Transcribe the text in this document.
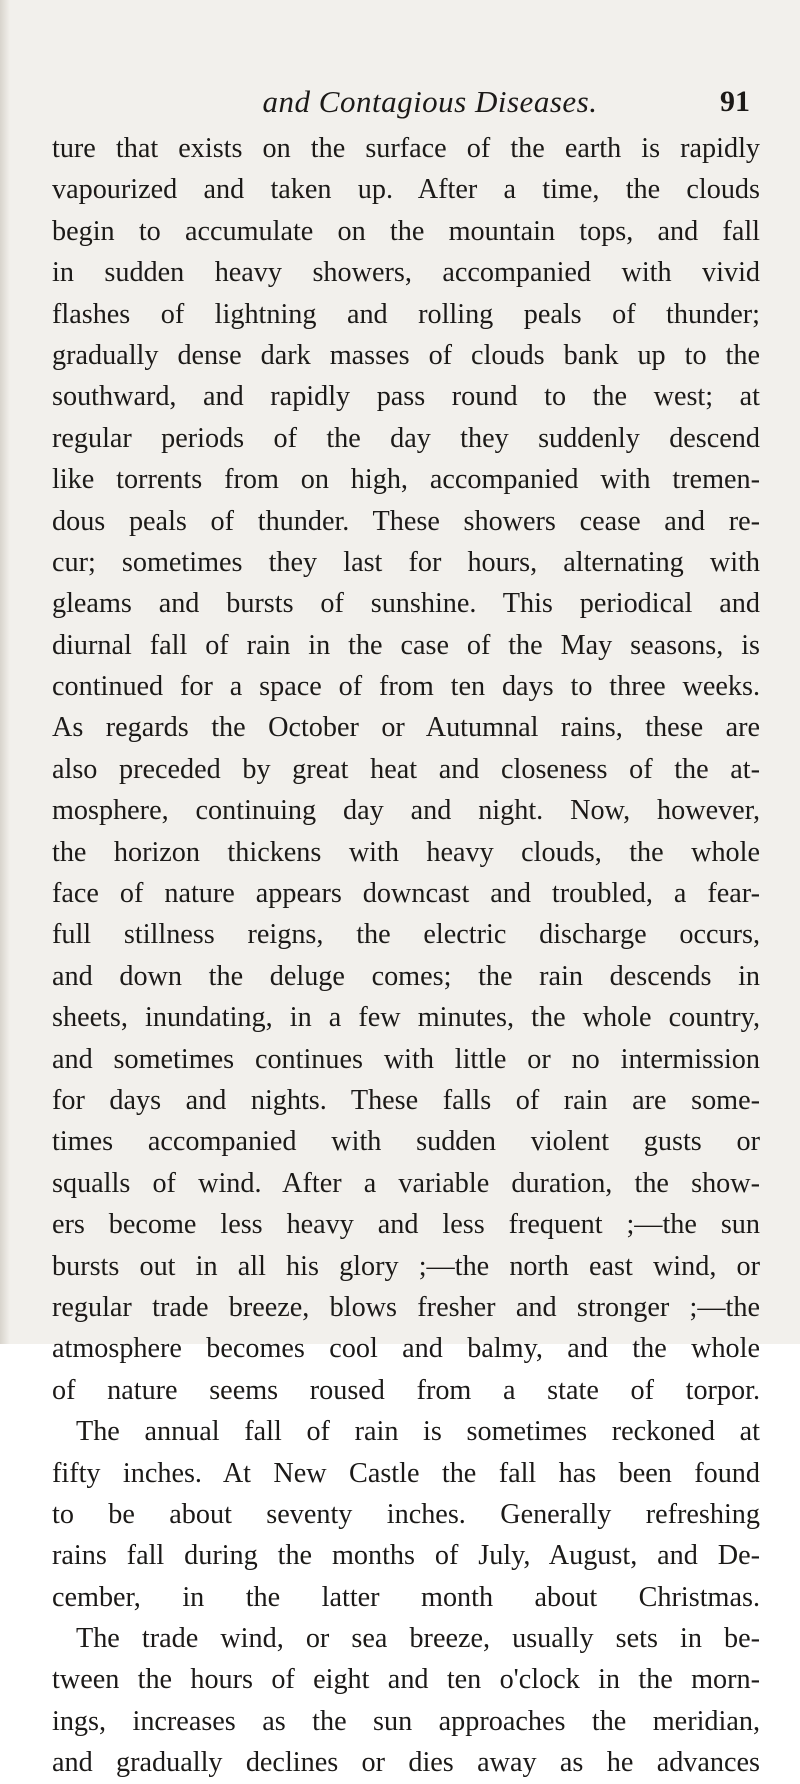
and Contagious Diseases.	91
ture that exists on the surface of the earth is rapidly
vapourized and taken up. After a time, the clouds
begin to accumulate on the mountain tops, and fall
in sudden heavy showers, accompanied with vivid
flashes of lightning and rolling peals of thunder;
gradually dense dark masses of clouds bank up to the
southward, and rapidly pass round to the west; at
regular periods of the day they suddenly descend
like torrents from on high, accompanied with tremen-
dous peals of thunder. These showers cease and re-
cur; sometimes they last for hours, alternating with
gleams and bursts of sunshine. This periodical and
diurnal fall of rain in the case of the May seasons, is
continued for a space of from ten days to three weeks.
As regards the October or Autumnal rains, these are
also preceded by great heat and closeness of the at-
mosphere, continuing day and night. Now, however,
the horizon thickens with heavy clouds, the whole
face of nature appears downcast and troubled, a fear-
full stillness reigns, the electric discharge occurs,
and down the deluge comes; the rain descends in
sheets, inundating, in a few minutes, the whole country,
and sometimes continues with little or no intermission
for days and nights. These falls of rain are some-
times accompanied with sudden violent gusts or
squalls of wind. After a variable duration, the show-
ers become less heavy and less frequent ;—the sun
bursts out in all his glory ;—the north east wind, or
regular trade breeze, blows fresher and stronger ;—the
atmosphere becomes cool and balmy, and the whole
of nature seems roused from a state of torpor.
The annual fall of rain is sometimes reckoned at
fifty inches. At New Castle the fall has been found
to be about seventy inches. Generally refreshing
rains fall during the months of July, August, and De-
cember, in the latter month about Christmas.
The trade wind, or sea breeze, usually sets in be-
tween the hours of eight and ten o'clock in the morn-
ings, increases as the sun approaches the meridian,
and gradually declines or dies away as he advances
